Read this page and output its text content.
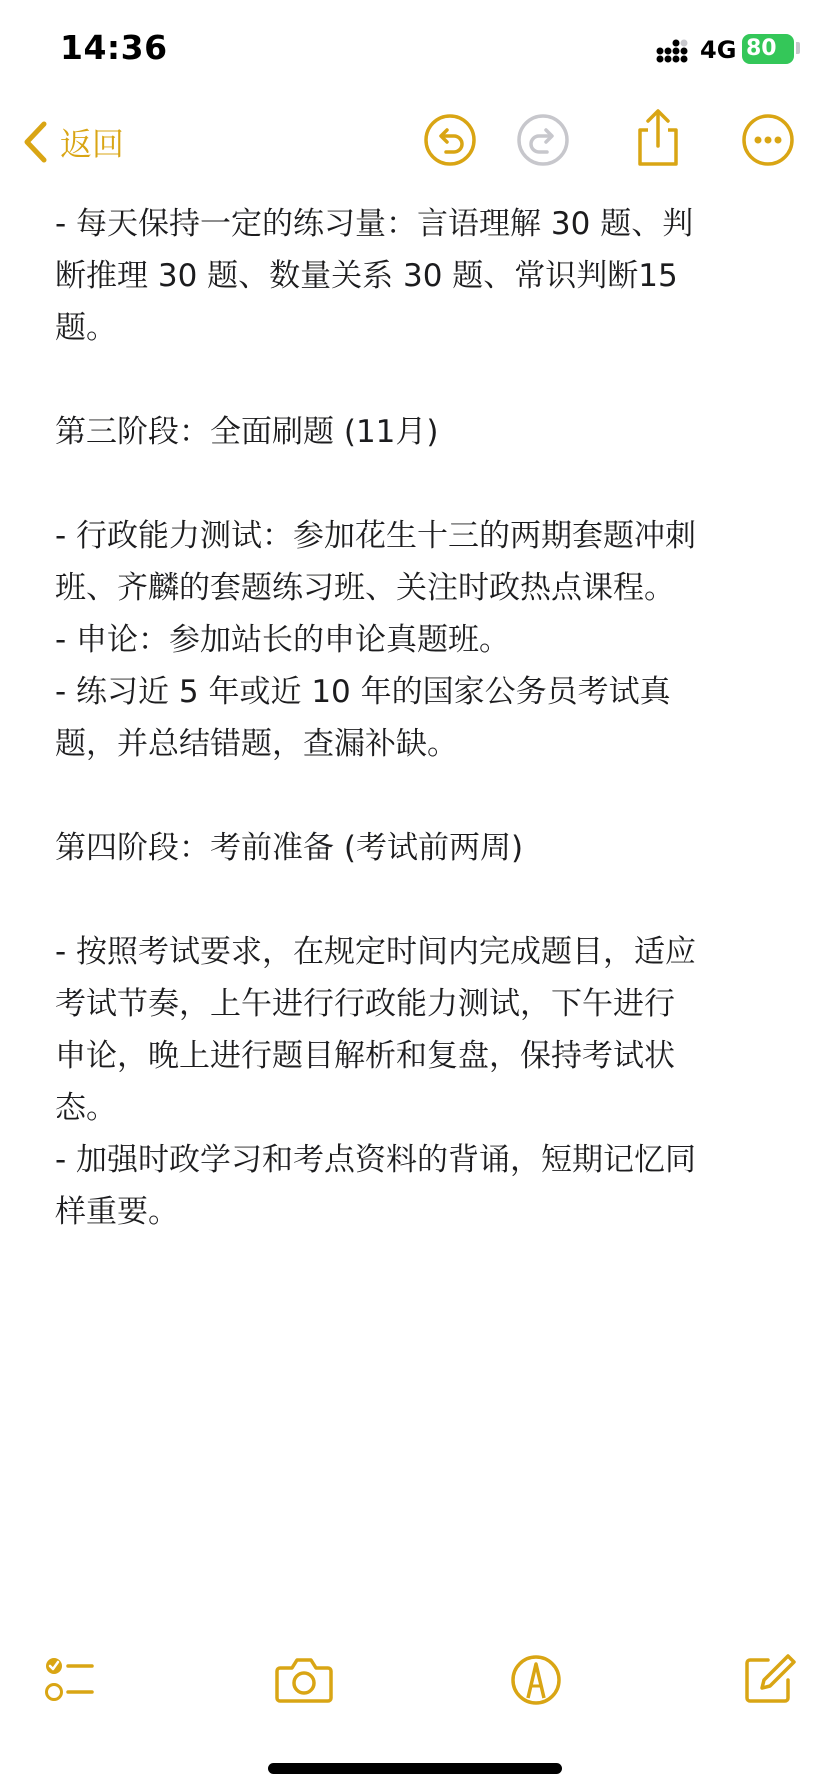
14:36	4G 80
返回
- 每天保持一定的练习量：言语理解 30 题、判
断推理 30 题、数量关系 30 题、常识判断15
题。
第三阶段：全面刷题 (11月)
- 行政能力测试：参加花生十三的两期套题冲刺
班、齐麟的套题练习班、关注时政热点课程。
- 申论：参加站长的申论真题班。
- 练习近 5 年或近 10 年的国家公务员考试真
题，并总结错题，查漏补缺。
第四阶段：考前准备 (考试前两周)
- 按照考试要求，在规定时间内完成题目，适应
考试节奏，上午进行行政能力测试，下午进行
申论，晚上进行题目解析和复盘，保持考试状
态。
- 加强时政学习和考点资料的背诵，短期记忆同
样重要。
